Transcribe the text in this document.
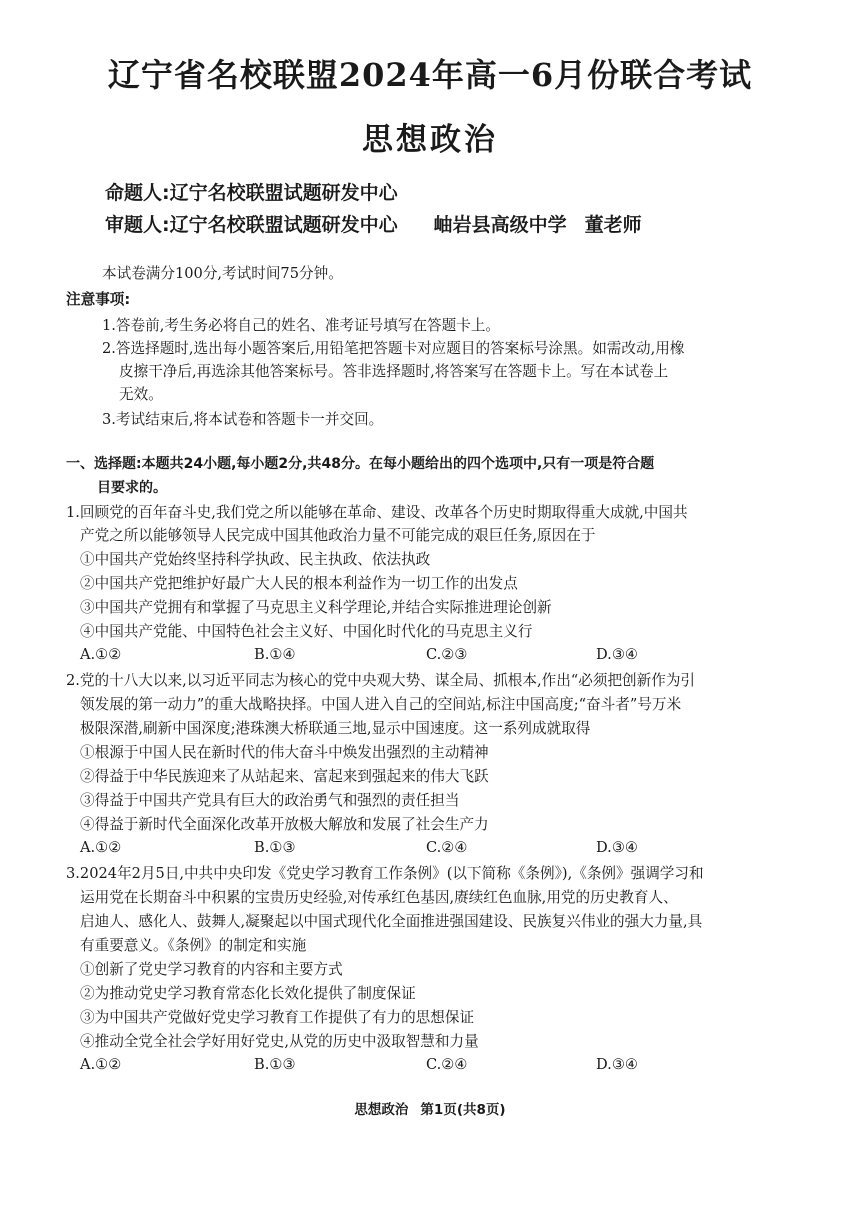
辽宁省名校联盟2024年高一6月份联合考试
思想政治
命题人:辽宁名校联盟试题研发中心
审题人:辽宁名校联盟试题研发中心 岫岩县高级中学 董老师
本试卷满分100分,考试时间75分钟。
注意事项:
1.答卷前,考生务必将自己的姓名、准考证号填写在答题卡上。
2.答选择题时,选出每小题答案后,用铅笔把答题卡对应题目的答案标号涂黑。如需改动,用橡
皮擦干净后,再选涂其他答案标号。答非选择题时,将答案写在答题卡上。写在本试卷上
无效。
3.考试结束后,将本试卷和答题卡一并交回。
一、选择题:本题共24小题,每小题2分,共48分。在每小题给出的四个选项中,只有一项是符合题
目要求的。
1.回顾党的百年奋斗史,我们党之所以能够在革命、建设、改革各个历史时期取得重大成就,中国共
产党之所以能够领导人民完成中国其他政治力量不可能完成的艰巨任务,原因在于
①中国共产党始终坚持科学执政、民主执政、依法执政
②中国共产党把维护好最广大人民的根本利益作为一切工作的出发点
③中国共产党拥有和掌握了马克思主义科学理论,并结合实际推进理论创新
④中国共产党能、中国特色社会主义好、中国化时代化的马克思主义行
A.①②	B.①④	C.②③	D.③④
2.党的十八大以来,以习近平同志为核心的党中央观大势、谋全局、抓根本,作出“必须把创新作为引
领发展的第一动力”的重大战略抉择。中国人进入自己的空间站,标注中国高度;“奋斗者”号万米
极限深潜,刷新中国深度;港珠澳大桥联通三地,显示中国速度。这一系列成就取得
①根源于中国人民在新时代的伟大奋斗中焕发出强烈的主动精神
②得益于中华民族迎来了从站起来、富起来到强起来的伟大飞跃
③得益于中国共产党具有巨大的政治勇气和强烈的责任担当
④得益于新时代全面深化改革开放极大解放和发展了社会生产力
A.①②	B.①③	C.②④	D.③④
3.2024年2月5日,中共中央印发《党史学习教育工作条例》(以下简称《条例》),《条例》强调学习和
运用党在长期奋斗中积累的宝贵历史经验,对传承红色基因,赓续红色血脉,用党的历史教育人、
启迪人、感化人、鼓舞人,凝聚起以中国式现代化全面推进强国建设、民族复兴伟业的强大力量,具
有重要意义。《条例》的制定和实施
①创新了党史学习教育的内容和主要方式
②为推动党史学习教育常态化长效化提供了制度保证
③为中国共产党做好党史学习教育工作提供了有力的思想保证
④推动全党全社会学好用好党史,从党的历史中汲取智慧和力量
A.①②	B.①③	C.②④	D.③④
思想政治 第1页(共8页)
